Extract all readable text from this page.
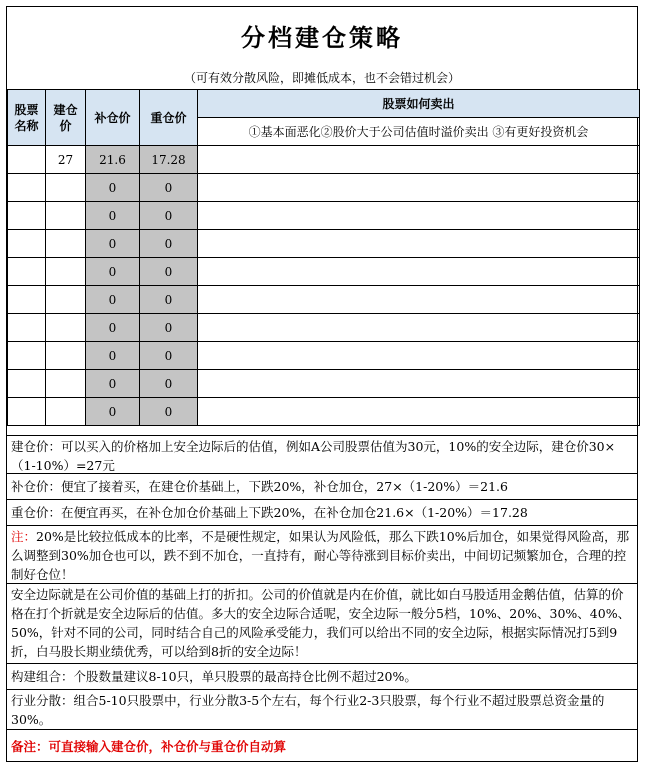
分档建仓策略
（可有效分散风险，即摊低成本，也不会错过机会）
股票名称	建仓价	补仓价	重仓价	股票如何卖出
				①基本面恶化②股价大于公司估值时溢价卖出 ③有更好投资机会
	27	21.6	17.28	
		0	0	
		0	0	
		0	0	
		0	0	
		0	0	
		0	0	
		0	0	
		0	0	
		0	0	
建仓价：可以买入的价格加上安全边际后的估值，例如A公司股票估值为30元，10%的安全边际，建仓价30×（1-10%）=27元
补仓价：便宜了接着买，在建仓价基础上，下跌20%，补仓加仓，27×（1-20%）＝21.6
重仓价：在便宜再买，在补仓加仓价基础上下跌20%，在补仓加仓21.6×（1-20%）＝17.28
注：20%是比较拉低成本的比率，不是硬性规定，如果认为风险低，那么下跌10%后加仓，如果觉得风险高，那么调整到30%加仓也可以，跌不到不加仓，一直持有，耐心等待涨到目标价卖出，中间切记频繁加仓，合理的控制好仓位！
安全边际就是在公司价值的基础上打的折扣。公司的价值就是内在价值，就比如白马股适用金鹅估值，估算的价格在打个折就是安全边际后的估值。多大的安全边际合适呢，安全边际一般分5档，10%、20%、30%、40%、50%，针对不同的公司，同时结合自己的风险承受能力，我们可以给出不同的安全边际，根据实际情况打5到9折，白马股长期业绩优秀，可以给到8折的安全边际！
构建组合：个股数量建议8-10只，单只股票的最高持仓比例不超过20%。
行业分散：组合5-10只股票中，行业分散3-5个左右，每个行业2-3只股票，每个行业不超过股票总资金量的30%。
备注：可直接输入建仓价，补仓价与重仓价自动算
